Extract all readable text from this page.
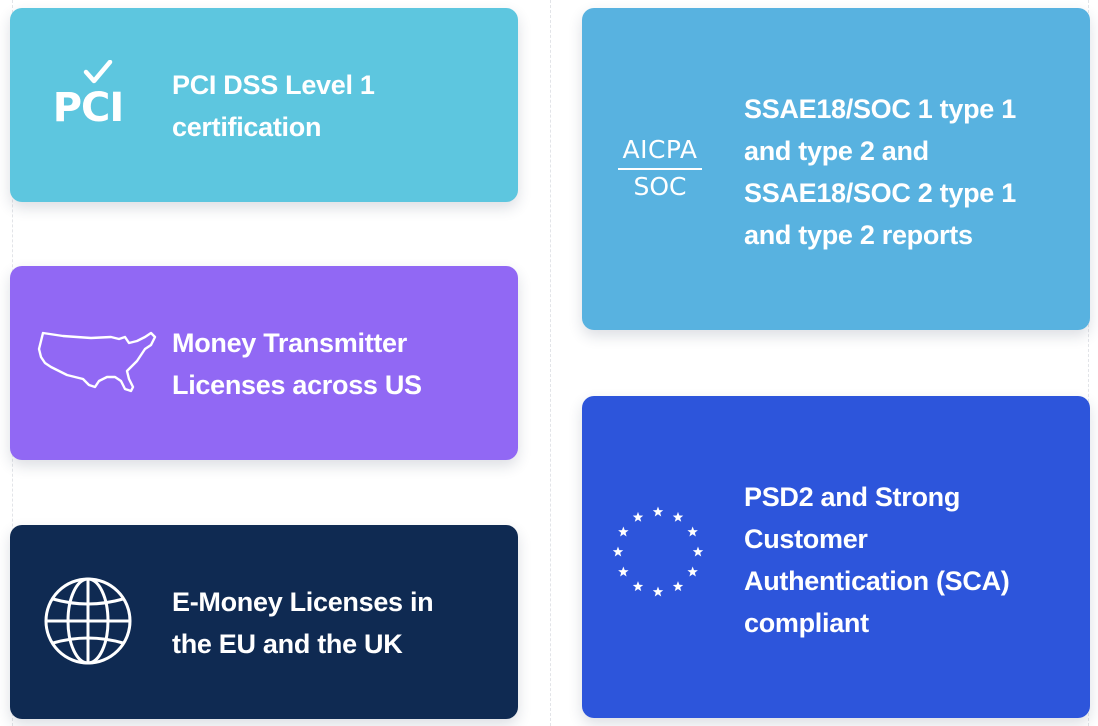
PCI PCI DSS Level 1
certification
Money Transmitter
Licenses across US
E-Money Licenses in
the EU and the UK
AICPA
SOC
SSAE18/SOC 1 type 1
and type 2 and
SSAE18/SOC 2 type 1
and type 2 reports
PSD2 and Strong
Customer
Authentication (SCA)
compliant
